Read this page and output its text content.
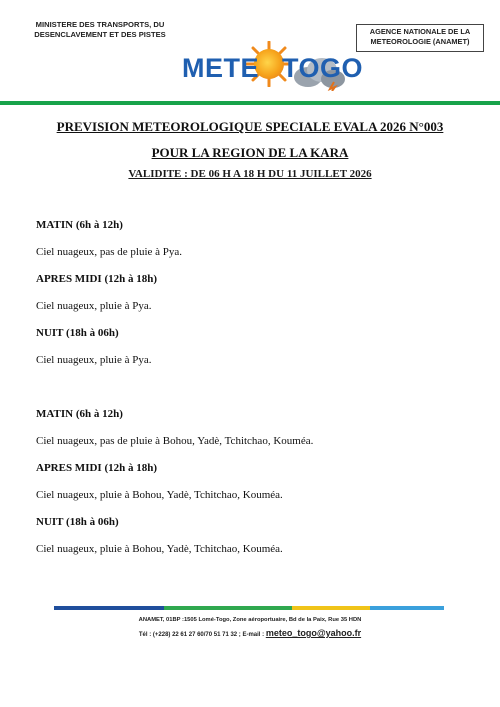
MINISTERE DES TRANSPORTS, DU
DESENCLAVEMENT ET DES PISTES	AGENCE NATIONALE DE LA
METEOROLOGIE (ANAMET)
METE TOGO
PREVISION METEOROLOGIQUE SPECIALE EVALA 2026 N°003
POUR LA REGION DE LA KARA
VALIDITE : DE 06 H A 18 H DU 11 JUILLET 2026
MATIN (6h à 12h)
Ciel nuageux, pas de pluie à Pya.
APRES MIDI (12h à 18h)
Ciel nuageux, pluie à Pya.
NUIT (18h à 06h)
Ciel nuageux, pluie à Pya.
MATIN (6h à 12h)
Ciel nuageux, pas de pluie à Bohou, Yadè, Tchitchao, Kouméa.
APRES MIDI (12h à 18h)
Ciel nuageux, pluie à Bohou, Yadè, Tchitchao, Kouméa.
NUIT (18h à 06h)
Ciel nuageux, pluie à Bohou, Yadè, Tchitchao, Kouméa.
ANAMET, 01BP :1505 Lomé-Togo, Zone aéroportuaire, Bd de la Paix, Rue 35 HDN
Tél : (+228) 22 61 27 60/70 51 71 32 ; E-mail : meteo_togo@yahoo.fr
